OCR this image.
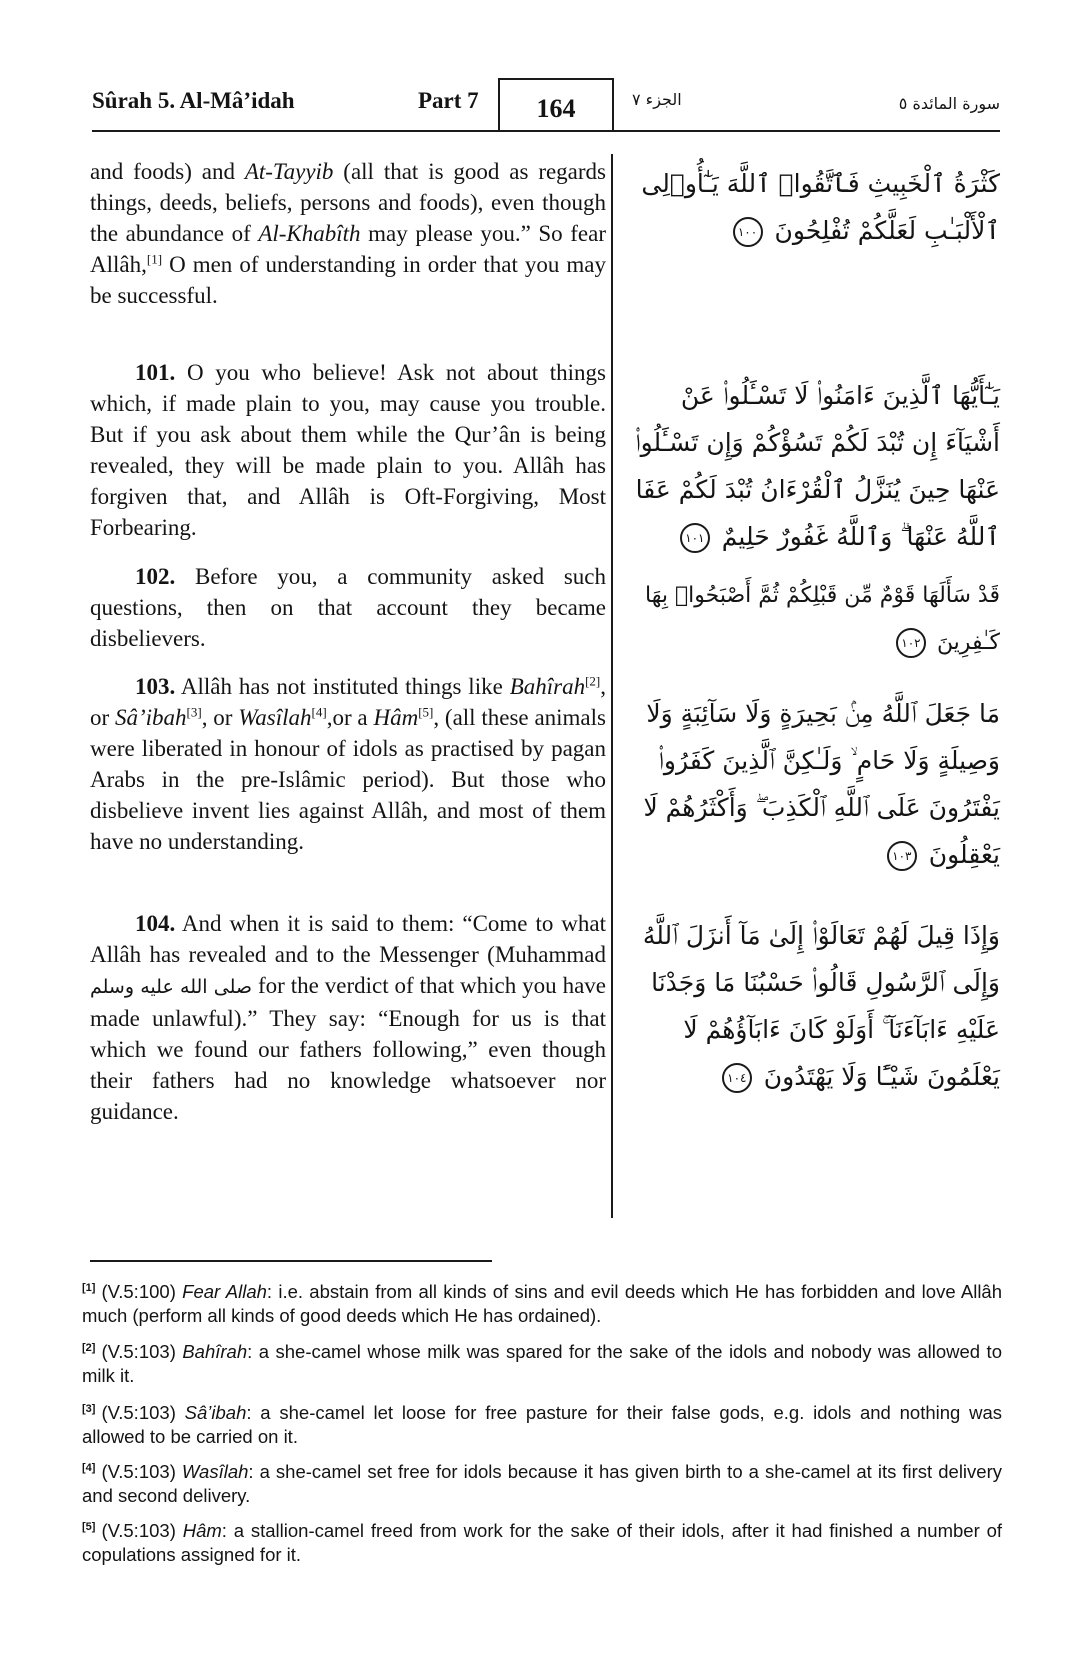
Sûrah 5. Al-Mâ’idah	Part 7	الجزء ٧	سورة المائدة ٥
164

and foods) and At-Tayyib (all that is good as regards things, deeds, beliefs, persons and foods), even though the abundance of Al-Khabîth may please you.” So fear Allâh,[1] O men of understanding in order that you may be successful.

101. O you who believe! Ask not about things which, if made plain to you, may cause you trouble. But if you ask about them while the Qur’ân is being revealed, they will be made plain to you. Allâh has forgiven that, and Allâh is Oft-Forgiving, Most Forbearing.

102. Before you, a community asked such questions, then on that account they became disbelievers.

103. Allâh has not instituted things like Bahîrah[2], or Sâ’ibah[3], or Wasîlah[4],or a Hâm[5], (all these animals were liberated in honour of idols as practised by pagan Arabs in the pre-Islâmic period). But those who disbelieve invent lies against Allâh, and most of them have no understanding.

104. And when it is said to them: “Come to what Allâh has revealed and to the Messenger (Muhammad صلى الله عليه وسلم for the verdict of that which you have made unlawful).” They say: “Enough for us is that which we found our fathers following,” even though their fathers had no knowledge whatsoever nor guidance.

كَثْرَةُ ٱلْخَبِيثِ فَٱتَّقُوا۟ ٱللَّهَ يَـٰٓأُو۟لِى ٱلْأَلْبَـٰبِ لَعَلَّكُمْ تُفْلِحُونَ ١٠٠

يَـٰٓأَيُّهَا ٱلَّذِينَ ءَامَنُوا۟ لَا تَسْـَٔلُوا۟ عَنْ أَشْيَآءَ إِن تُبْدَ لَكُمْ تَسُؤْكُمْ وَإِن تَسْـَٔلُوا۟ عَنْهَا حِينَ يُنَزَّلُ ٱلْقُرْءَانُ تُبْدَ لَكُمْ عَفَا ٱللَّهُ عَنْهَا ۗ وَٱللَّهُ غَفُورٌ حَلِيمٌ ١٠١

قَدْ سَأَلَهَا قَوْمٌ مِّن قَبْلِكُمْ ثُمَّ أَصْبَحُوا۟ بِهَا كَـٰفِرِينَ ١٠٢

مَا جَعَلَ ٱللَّهُ مِنۢ بَحِيرَةٍ وَلَا سَآئِبَةٍ وَلَا وَصِيلَةٍ وَلَا حَامٍ ۙ وَلَـٰكِنَّ ٱلَّذِينَ كَفَرُوا۟ يَفْتَرُونَ عَلَى ٱللَّهِ ٱلْكَذِبَ ۖ وَأَكْثَرُهُمْ لَا يَعْقِلُونَ ١٠٣

وَإِذَا قِيلَ لَهُمْ تَعَالَوْا۟ إِلَىٰ مَآ أَنزَلَ ٱللَّهُ وَإِلَى ٱلرَّسُولِ قَالُوا۟ حَسْبُنَا مَا وَجَدْنَا عَلَيْهِ ءَابَآءَنَآ ۚ أَوَلَوْ كَانَ ءَابَآؤُهُمْ لَا يَعْلَمُونَ شَيْـًٔا وَلَا يَهْتَدُونَ ١٠٤

[1] (V.5:100) Fear Allah: i.e. abstain from all kinds of sins and evil deeds which He has forbidden and love Allâh much (perform all kinds of good deeds which He has ordained).

[2] (V.5:103) Bahîrah: a she-camel whose milk was spared for the sake of the idols and nobody was allowed to milk it.

[3] (V.5:103) Sâ’ibah: a she-camel let loose for free pasture for their false gods, e.g. idols and nothing was allowed to be carried on it.

[4] (V.5:103) Wasîlah: a she-camel set free for idols because it has given birth to a she-camel at its first delivery and second delivery.

[5] (V.5:103) Hâm: a stallion-camel freed from work for the sake of their idols, after it had finished a number of copulations assigned for it.
